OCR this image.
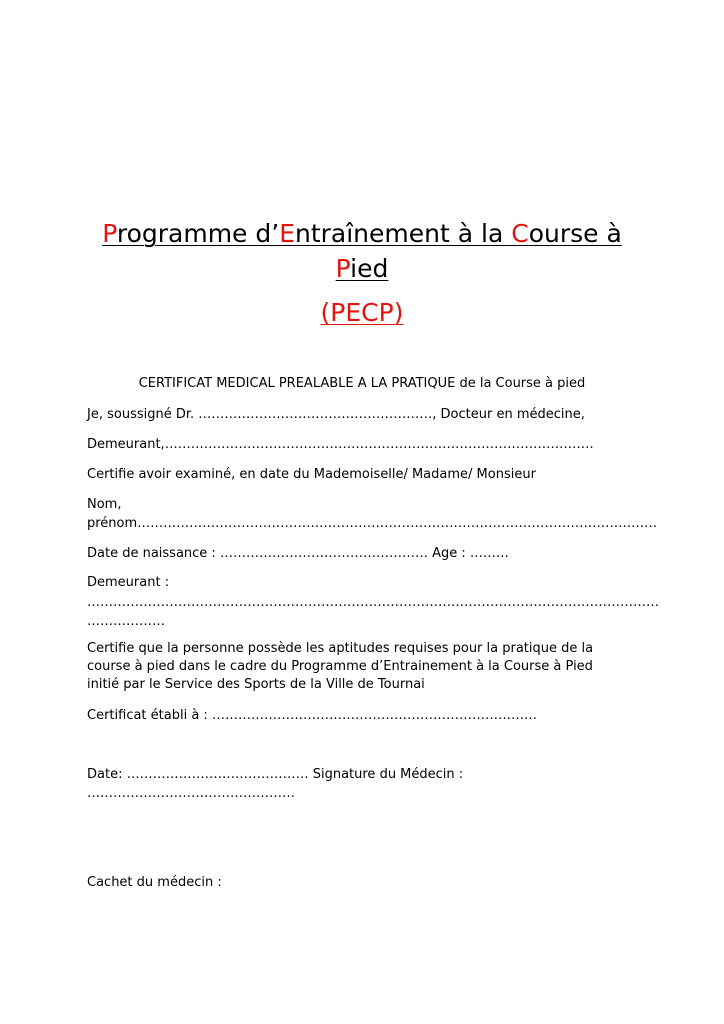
Programme d’Entraînement à la Course à
Pied
(PECP)
CERTIFICAT MEDICAL PREALABLE A LA PRATIQUE de la Course à pied
Je, soussigné Dr. ………………………………………………, Docteur en médecine,
Demeurant,………………………………………………………………………………………
Certifie avoir examiné, en date du Mademoiselle/ Madame/ Monsieur
Nom,
prénom…………………………………………………………………………………………………………
Date de naissance : ………………………………………… Age : ………
Demeurant :
……………………………………………………………………………………………………………………
………………
Certifie que la personne possède les aptitudes requises pour la pratique de la
course à pied dans le cadre du Programme d’Entrainement à la Course à Pied
initié par le Service des Sports de la Ville de Tournai
Certificat établi à : …………………………………………………………………
Date: …………………………………… Signature du Médecin :
…………………………………………
Cachet du médecin :
